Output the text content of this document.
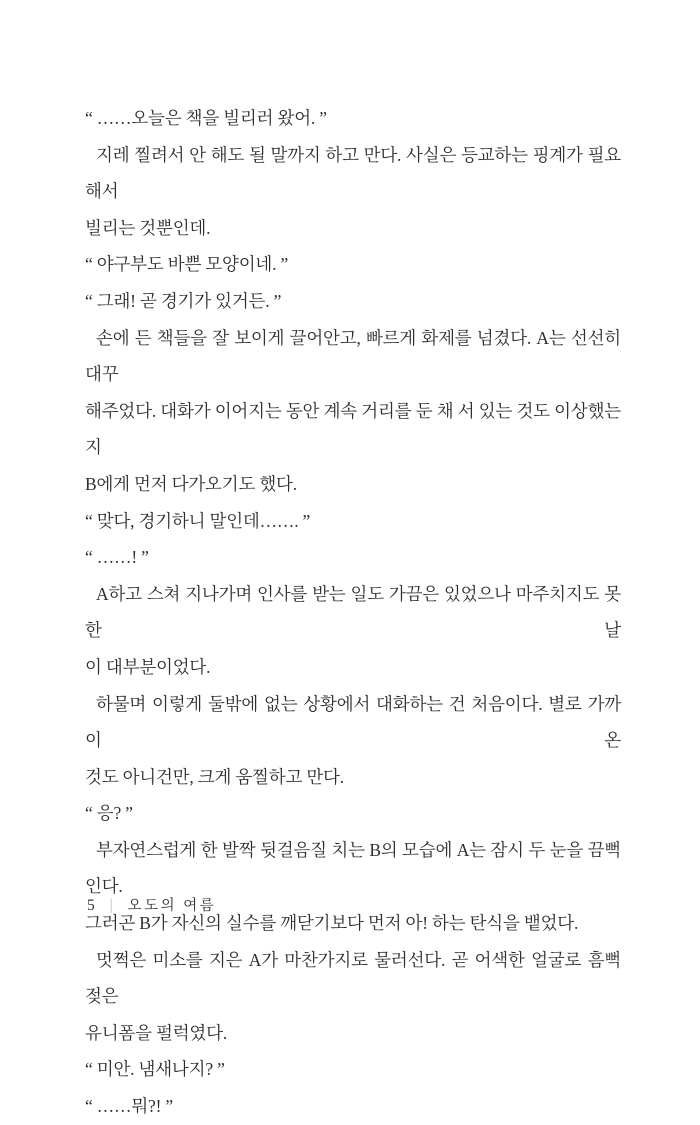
“ ……오늘은 책을 빌리러 왔어. ”
지레 찔려서 안 해도 될 말까지 하고 만다. 사실은 등교하는 핑계가 필요해서
빌리는 것뿐인데.
“ 야구부도 바쁜 모양이네. ”
“ 그래! 곧 경기가 있거든. ”
손에 든 책들을 잘 보이게 끌어안고, 빠르게 화제를 넘겼다. A는 선선히 대꾸
해주었다. 대화가 이어지는 동안 계속 거리를 둔 채 서 있는 것도 이상했는지
B에게 먼저 다가오기도 했다.
“ 맞다, 경기하니 말인데……. ”
“ ……! ”
A하고 스쳐 지나가며 인사를 받는 일도 가끔은 있었으나 마주치지도 못한 날
이 대부분이었다.
하물며 이렇게 둘밖에 없는 상황에서 대화하는 건 처음이다. 별로 가까이 온
것도 아니건만, 크게 움찔하고 만다.
“ 응? ”
부자연스럽게 한 발짝 뒷걸음질 치는 B의 모습에 A는 잠시 두 눈을 끔뻑인다.
그러곤 B가 자신의 실수를 깨닫기보다 먼저 아! 하는 탄식을 뱉었다.
멋쩍은 미소를 지은 A가 마찬가지로 물러선다. 곧 어색한 얼굴로 흠뻑 젖은
유니폼을 펄럭였다.
“ 미안. 냄새나지? ”
“ ……뭐?! ”
5 | 오도의 여름
